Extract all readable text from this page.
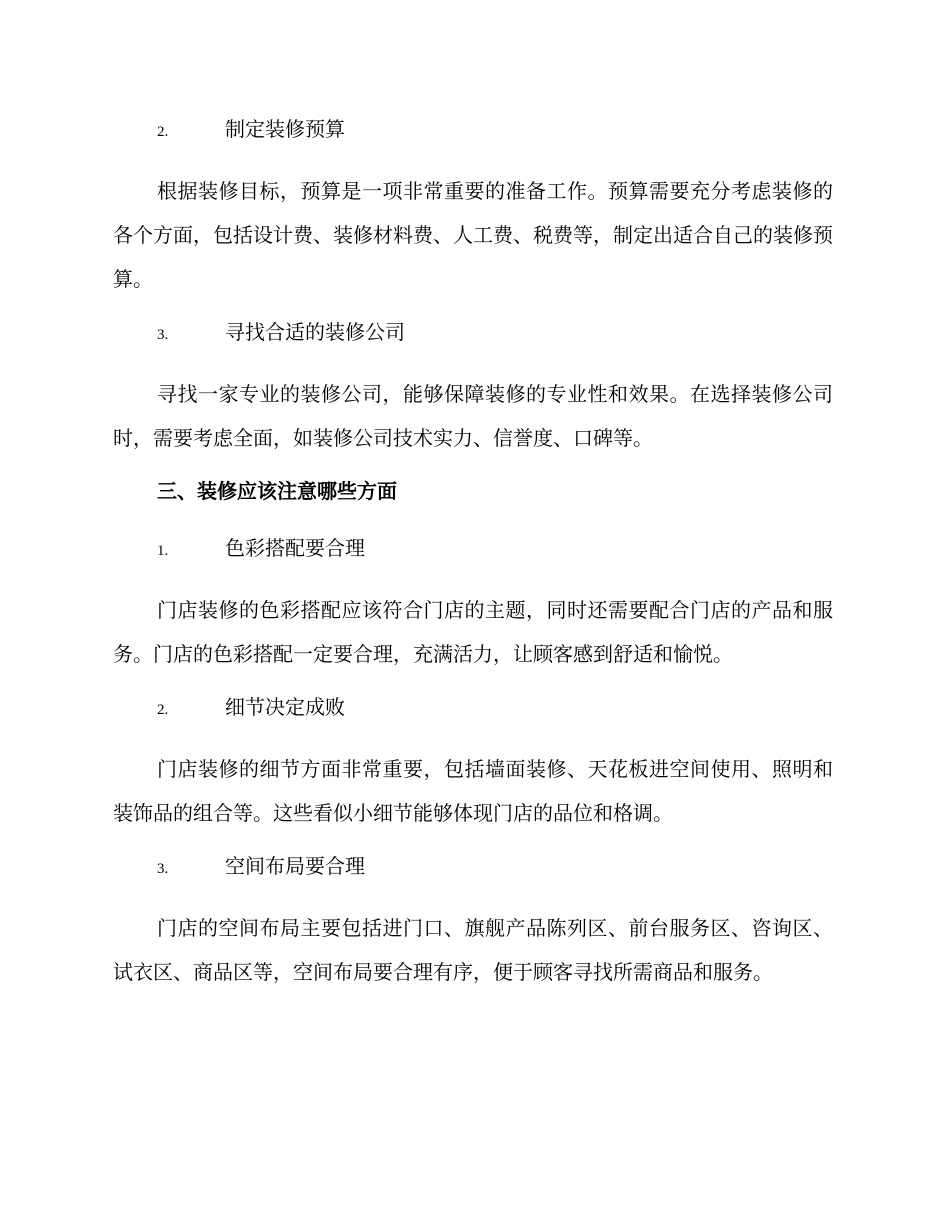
2.	制定装修预算

根据装修目标，预算是一项非常重要的准备工作。预算需要充分考虑装修的各个方面，包括设计费、装修材料费、人工费、税费等，制定出适合自己的装修预算。

3.	寻找合适的装修公司

寻找一家专业的装修公司，能够保障装修的专业性和效果。在选择装修公司时，需要考虑全面，如装修公司技术实力、信誉度、口碑等。

三、装修应该注意哪些方面
1.	色彩搭配要合理

门店装修的色彩搭配应该符合门店的主题，同时还需要配合门店的产品和服务。门店的色彩搭配一定要合理，充满活力，让顾客感到舒适和愉悦。

2.	细节决定成败

门店装修的细节方面非常重要，包括墙面装修、天花板进空间使用、照明和装饰品的组合等。这些看似小细节能够体现门店的品位和格调。

3.	空间布局要合理

门店的空间布局主要包括进门口、旗舰产品陈列区、前台服务区、咨询区、试衣区、商品区等，空间布局要合理有序，便于顾客寻找所需商品和服务。
